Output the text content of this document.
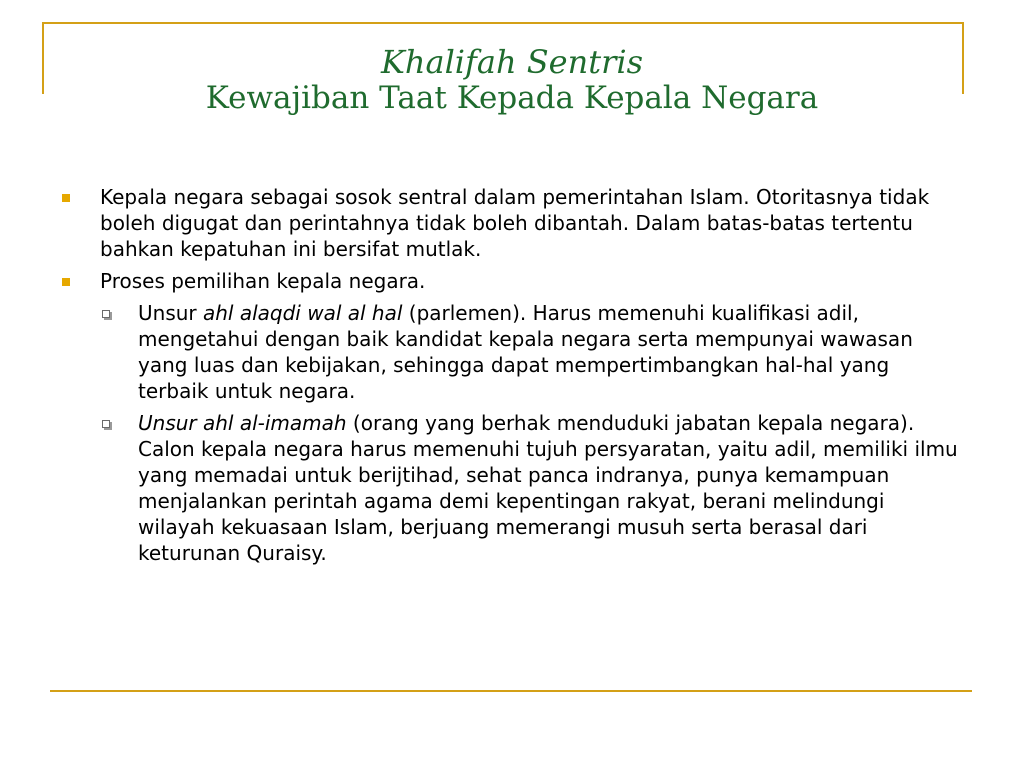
Khalifah Sentris
Kewajiban Taat Kepada Kepala Negara
Kepala negara sebagai sosok sentral dalam pemerintahan Islam. Otoritasnya tidak boleh digugat dan perintahnya tidak boleh dibantah. Dalam batas-batas tertentu bahkan kepatuhan ini bersifat mutlak.
Proses pemilihan kepala negara.
Unsur ahl alaqdi wal al hal (parlemen). Harus memenuhi kualifikasi adil, mengetahui dengan baik kandidat kepala negara serta mempunyai wawasan yang luas dan kebijakan, sehingga dapat mempertimbangkan hal-hal yang terbaik untuk negara.
Unsur ahl al-imamah (orang yang berhak menduduki jabatan kepala negara). Calon kepala negara harus memenuhi tujuh persyaratan, yaitu adil, memiliki ilmu yang memadai untuk berijtihad, sehat panca indranya, punya kemampuan menjalankan perintah agama demi kepentingan rakyat, berani melindungi wilayah kekuasaan Islam, berjuang memerangi musuh serta berasal dari keturunan Quraisy.
